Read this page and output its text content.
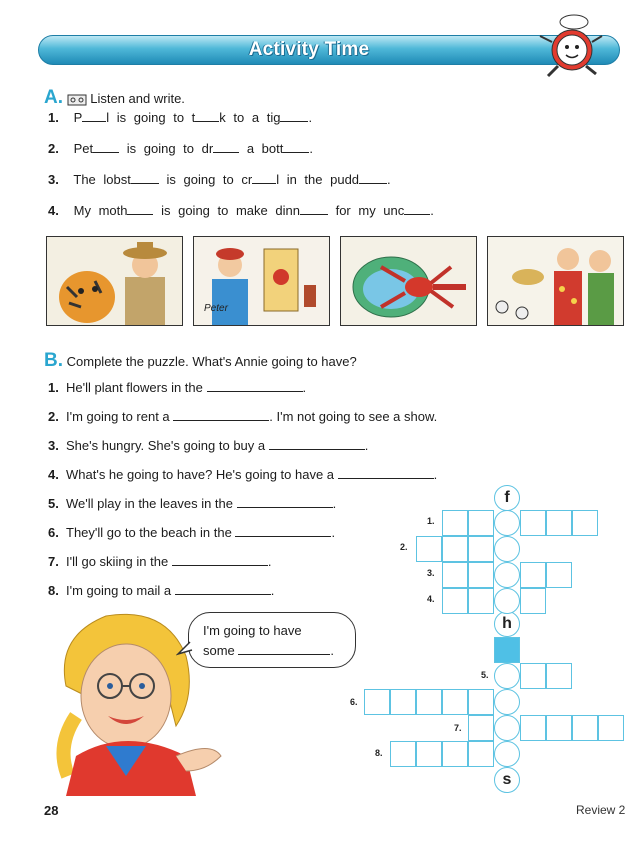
Activity Time
A. Listen and write.
1. P l is going to t k to a tig .
2. Pet	is going to dr	a bott .
3. The lobst	is going to cr l in the pudd .
4. My moth	is going to make dinn	for my unc .
Peter
B. Complete the puzzle. What's Annie going to have?
1. He'll plant flowers in the	.
2. I'm going to rent a	. I'm not going to see a show.
3. She's hungry. She's going to buy a	.
4. What's he going to have? He's going to have a	.
5. We'll play in the leaves in the	.
6. They'll go to the beach in the	.
7. I'll go skiing in the	.
8. I'm going to mail a	.
I'm going to have
some	.
f
h
s
1.
2.
3.
4.
5.
6.
7.
8.
28	Review 2
